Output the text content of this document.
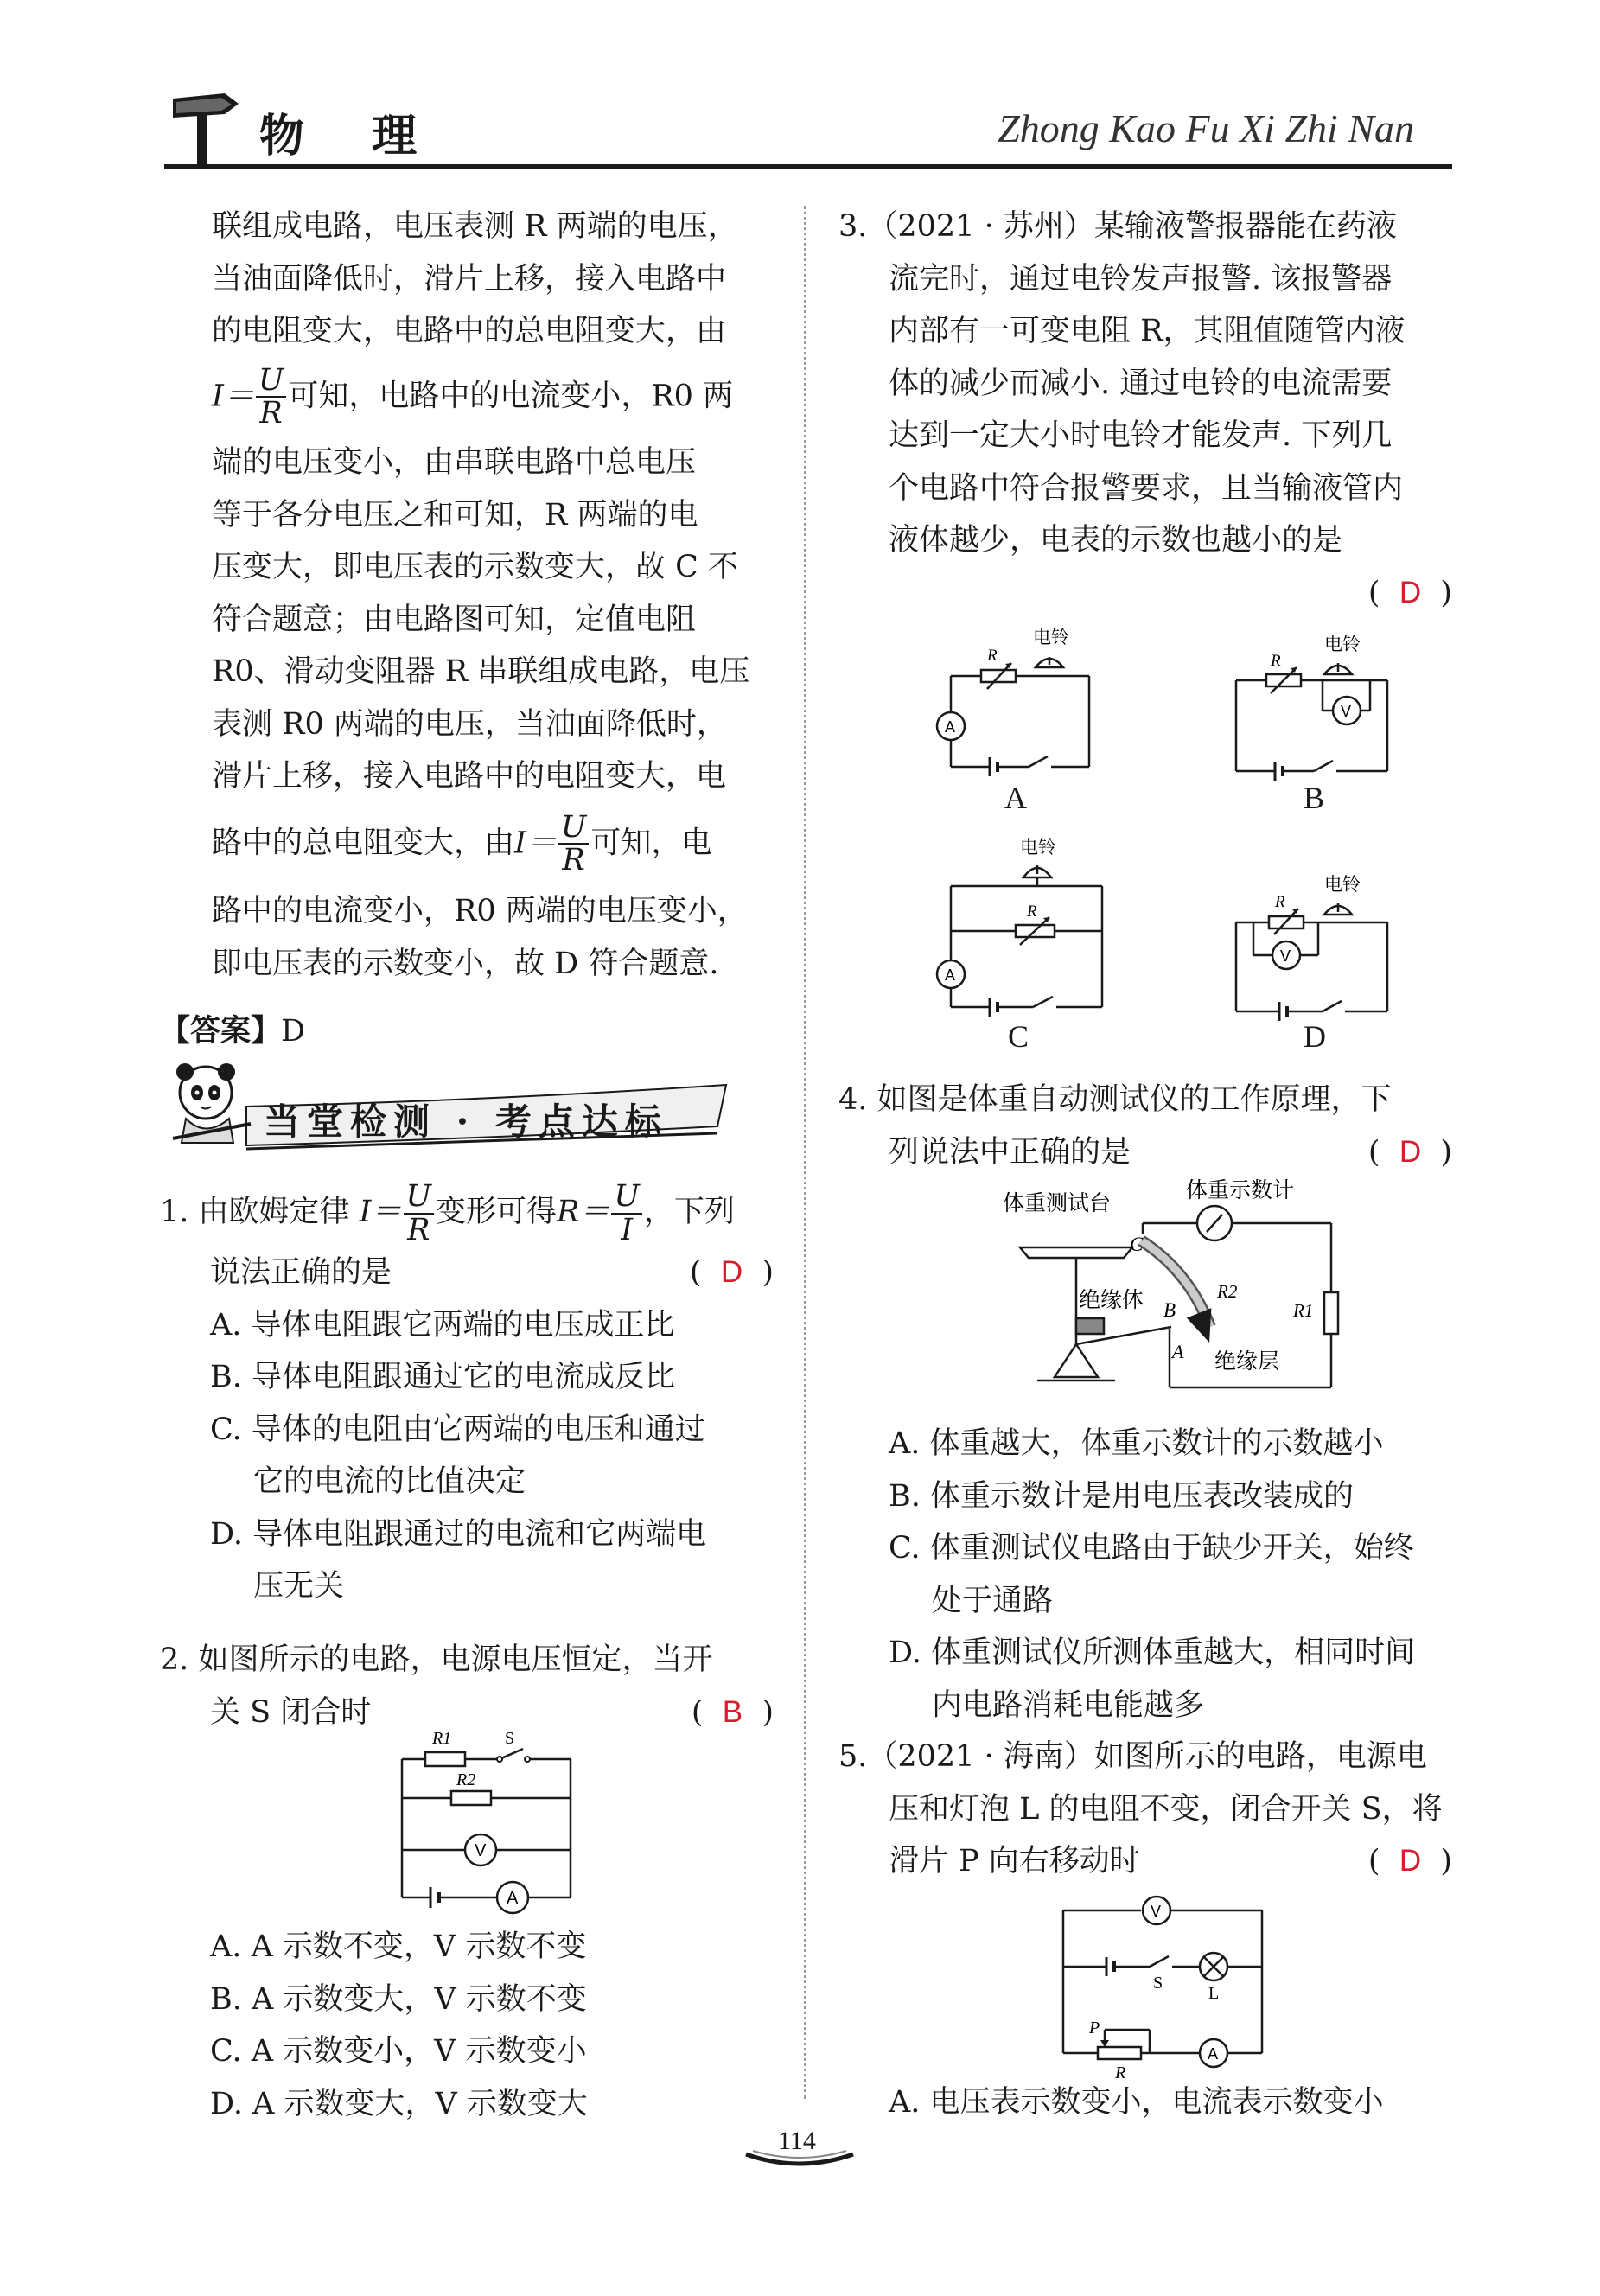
物 理	Zhong Kao Fu Xi Zhi Nan

联组成电路，电压表测 R 两端的电压，

当油面降低时，滑片上移，接入电路中

的电阻变大，电路中的总电阻变大，由

$I= \frac{U}{R}$ 可知，电路中的电流变小，R0 两

端的电压变小，由串联电路中总电压

等于各分电压之和可知，R 两端的电

压变大，即电压表的示数变大，故 C 不

符合题意；由电路图可知，定值电阻

R0、滑动变阻器 R 串联组成电路，电压

表测 R0 两端的电压，当油面降低时，

滑片上移，接入电路中的电阻变大，电

路中的总电阻变大，由$I= \frac{U}{R}$ 可知，电

路中的电流变小，R0 两端的电压变小，

即电压表的示数变小，故 D 符合题意.

【答案】D
当堂检测 · 考点达标

1. 由欧姆定律 $I= \frac{U}{R}$ 变形可得$R= \frac{U}{I}$ ，下列

说法正确的是	(  D  )

A. 导体电阻跟它两端的电压成正比

B. 导体电阻跟通过它的电流成反比

C. 导体的电阻由它两端的电压和通过

它的电流的比值决定

D. 导体电阻跟通过的电流和它两端电

压无关

2. 如图所示的电路，电源电压恒定，当开

关 S 闭合时	(  B  )

R1	S
R2
V
A

A. A 示数不变，V 示数不变

B. A 示数变大，V 示数不变

C. A 示数变小，V 示数变小

D. A 示数变大，V 示数变大

3.（2021 · 苏州）某输液警报器能在药液

流完时，通过电铃发声报警. 该报警器

内部有一可变电阻 R，其阻值随管内液

体的减少而减小. 通过电铃的电流需要

达到一定大小时电铃才能发声. 下列几

个电路中符合报警要求，且当输液管内

液体越少，电表的示数也越小的是

(  D  )

R
电铃
A
A
R
电铃
V
B
电铃
R
A
C
R
电铃
V
D

4. 如图是体重自动测试仪的工作原理，下

列说法中正确的是	(  D  )

体重测试台
体重示数计
C
绝缘体 B
R2
R1
A 绝缘层

A. 体重越大，体重示数计的示数越小

B. 体重示数计是用电压表改装成的

C. 体重测试仪电路由于缺少开关，始终

处于通路

D. 体重测试仪所测体重越大，相同时间

内电路消耗电能越多

5.（2021 · 海南）如图所示的电路，电源电

压和灯泡 L 的电阻不变，闭合开关 S，将

滑片 P 向右移动时	(  D  )

V
S
L
P
A
R

A. 电压表示数变小，电流表示数变小

114
